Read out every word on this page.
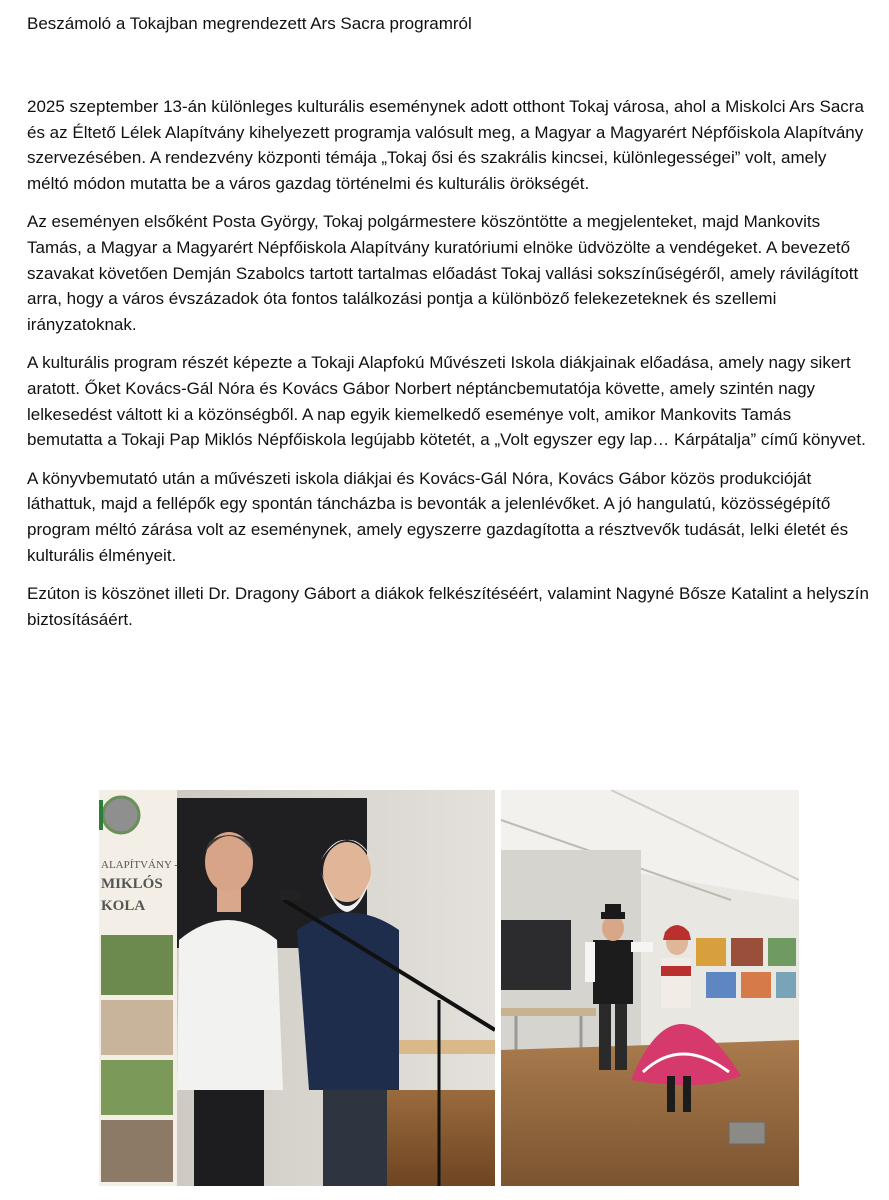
Beszámoló a Tokajban megrendezett Ars Sacra programról

2025 szeptember 13-án különleges kulturális eseménynek adott otthont Tokaj városa, ahol a Miskolci Ars Sacra és az Éltető Lélek Alapítvány kihelyezett programja valósult meg, a Magyar a Magyarért Népfőiskola Alapítvány szervezésében. A rendezvény központi témája „Tokaj ősi és szakrális kincsei, különlegességei” volt, amely méltó módon mutatta be a város gazdag történelmi és kulturális örökségét.

Az eseményen elsőként Posta György, Tokaj polgármestere köszöntötte a megjelenteket, majd Mankovits Tamás, a Magyar a Magyarért Népfőiskola Alapítvány kuratóriumi elnöke üdvözölte a vendégeket. A bevezető szavakat követően Demján Szabolcs tartott tartalmas előadást Tokaj vallási sokszínűségéről, amely rávilágított arra, hogy a város évszázadok óta fontos találkozási pontja a különböző felekezeteknek és szellemi irányzatoknak.

A kulturális program részét képezte a Tokaji Alapfokú Művészeti Iskola diákjainak előadása, amely nagy sikert aratott. Őket Kovács-Gál Nóra és Kovács Gábor Norbert néptáncbemutatója követte, amely szintén nagy lelkesedést váltott ki a közönségből. A nap egyik kiemelkedő eseménye volt, amikor Mankovits Tamás bemutatta a Tokaji Pap Miklós Népfőiskola legújabb kötetét, a „Volt egyszer egy lap… Kárpátalja” című könyvet.

A könyvbemutató után a művészeti iskola diákjai és Kovács-Gál Nóra, Kovács Gábor közös produkcióját láthattuk, majd a fellépők egy spontán táncházba is bevonták a jelenlévőket. A jó hangulatú, közösségépítő program méltó zárása volt az eseménynek, amely egyszerre gazdagította a résztvevők tudását, lelki életét és kulturális élményeit.

Ezúton is köszönet illeti Dr. Dragony Gábort a diákok felkészítéséért, valamint Nagyné Bősze Katalint a helyszín biztosításáért.

ALAPÍTVÁNY -
MIKLÓS
KOLA
